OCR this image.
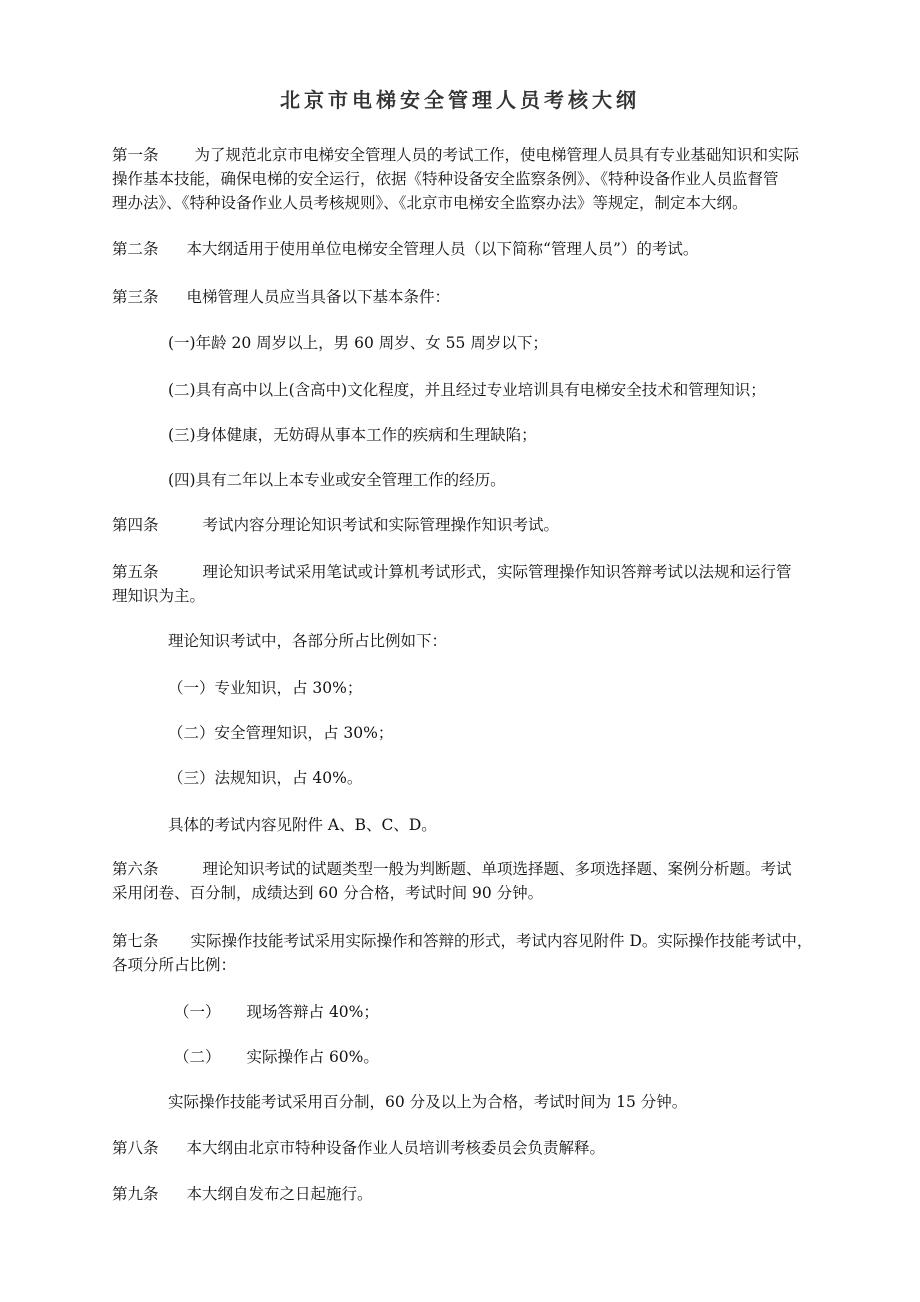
北京市电梯安全管理人员考核大纲
第一条 为了规范北京市电梯安全管理人员的考试工作，使电梯管理人员具有专业基础知识和实际
操作基本技能，确保电梯的安全运行，依据《特种设备安全监察条例》、《特种设备作业人员监督管
理办法》、《特种设备作业人员考核规则》、《北京市电梯安全监察办法》等规定，制定本大纲。
第二条 本大纲适用于使用单位电梯安全管理人员（以下简称“管理人员”）的考试。
第三条 电梯管理人员应当具备以下基本条件：
(一)年龄 20 周岁以上，男 60 周岁、女 55 周岁以下；
(二)具有高中以上(含高中)文化程度，并且经过专业培训具有电梯安全技术和管理知识；
(三)身体健康，无妨碍从事本工作的疾病和生理缺陷；
(四)具有二年以上本专业或安全管理工作的经历。
第四条	考试内容分理论知识考试和实际管理操作知识考试。
第五条	理论知识考试采用笔试或计算机考试形式，实际管理操作知识答辩考试以法规和运行管
理知识为主。
理论知识考试中，各部分所占比例如下：
（一）专业知识，占 30%；
（二）安全管理知识，占 30%；
（三）法规知识，占 40%。
具体的考试内容见附件 A、B、C、D。
第六条	理论知识考试的试题类型一般为判断题、单项选择题、多项选择题、案例分析题。考试
采用闭卷、百分制，成绩达到 60 分合格，考试时间 90 分钟。
第七条 实际操作技能考试采用实际操作和答辩的形式，考试内容见附件 D。实际操作技能考试中，
各项分所占比例：
（一） 现场答辩占 40%；
（二） 实际操作占 60%。
实际操作技能考试采用百分制，60 分及以上为合格，考试时间为 15 分钟。
第八条 本大纲由北京市特种设备作业人员培训考核委员会负责解释。
第九条 本大纲自发布之日起施行。
